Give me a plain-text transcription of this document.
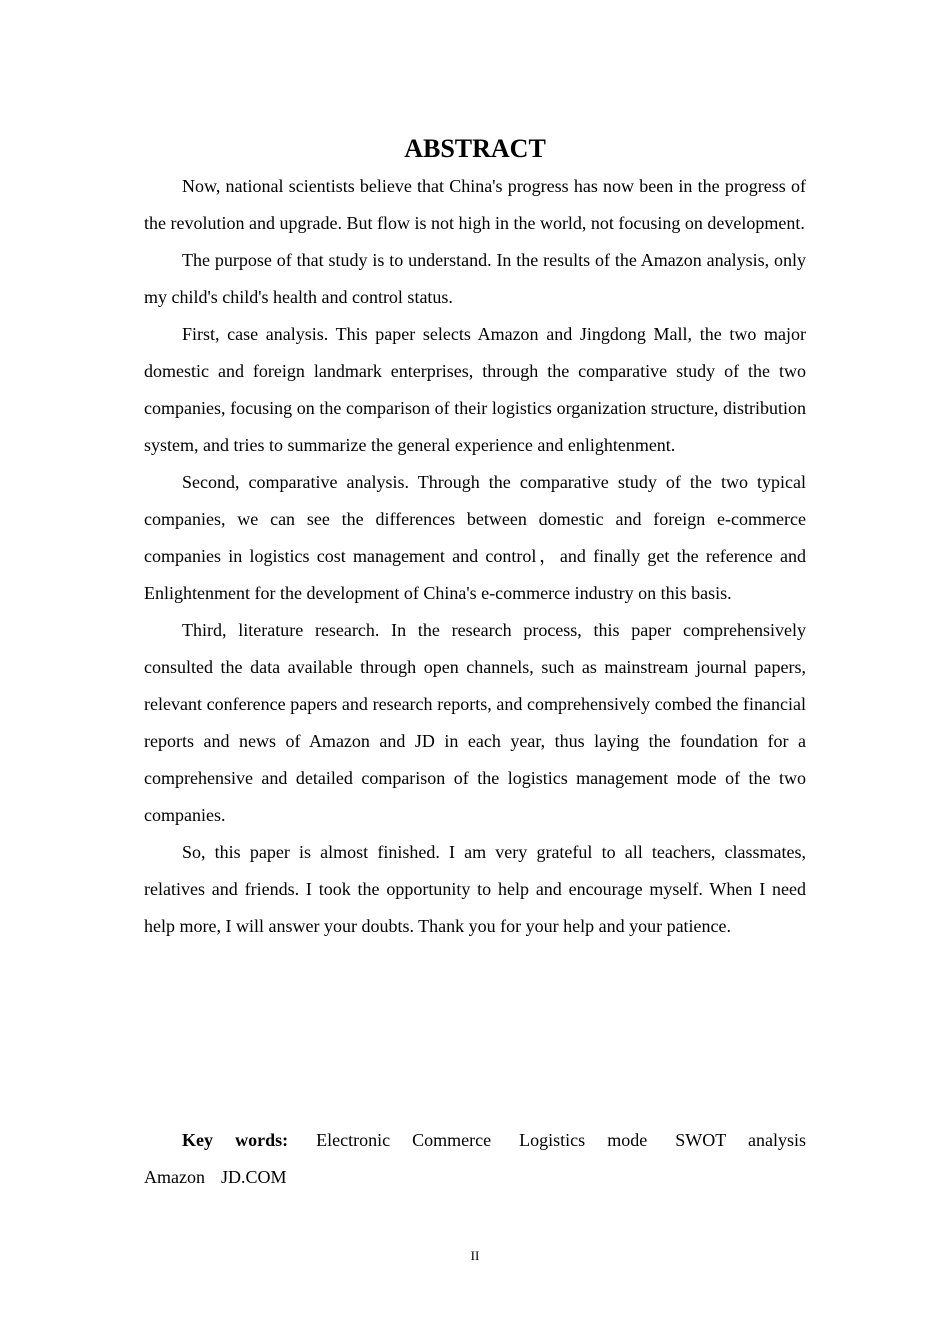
ABSTRACT

Now, national scientists believe that China's progress has now been in the progress of the revolution and upgrade. But flow is not high in the world, not focusing on development.

The purpose of that study is to understand. In the results of the Amazon analysis, only my child's child's health and control status.

First, case analysis. This paper selects Amazon and Jingdong Mall, the two major domestic and foreign landmark enterprises, through the comparative study of the two companies, focusing on the comparison of their logistics organization structure, distribution system, and tries to summarize the general experience and enlightenment.

Second, comparative analysis. Through the comparative study of the two typical companies, we can see the differences between domestic and foreign e-commerce companies in logistics cost management and control，and finally get the reference and Enlightenment for the development of China's e-commerce industry on this basis.

Third, literature research. In the research process, this paper comprehensively consulted the data available through open channels, such as mainstream journal papers, relevant conference papers and research reports, and comprehensively combed the financial reports and news of Amazon and JD in each year, thus laying the foundation for a comprehensive and detailed comparison of the logistics management mode of the two companies.

So, this paper is almost finished. I am very grateful to all teachers, classmates, relatives and friends. I took the opportunity to help and encourage myself. When I need help more, I will answer your doubts. Thank you for your help and your patience.

Key words: Electronic Commerce Logistics mode SWOT analysis Amazon JD.COM

II
